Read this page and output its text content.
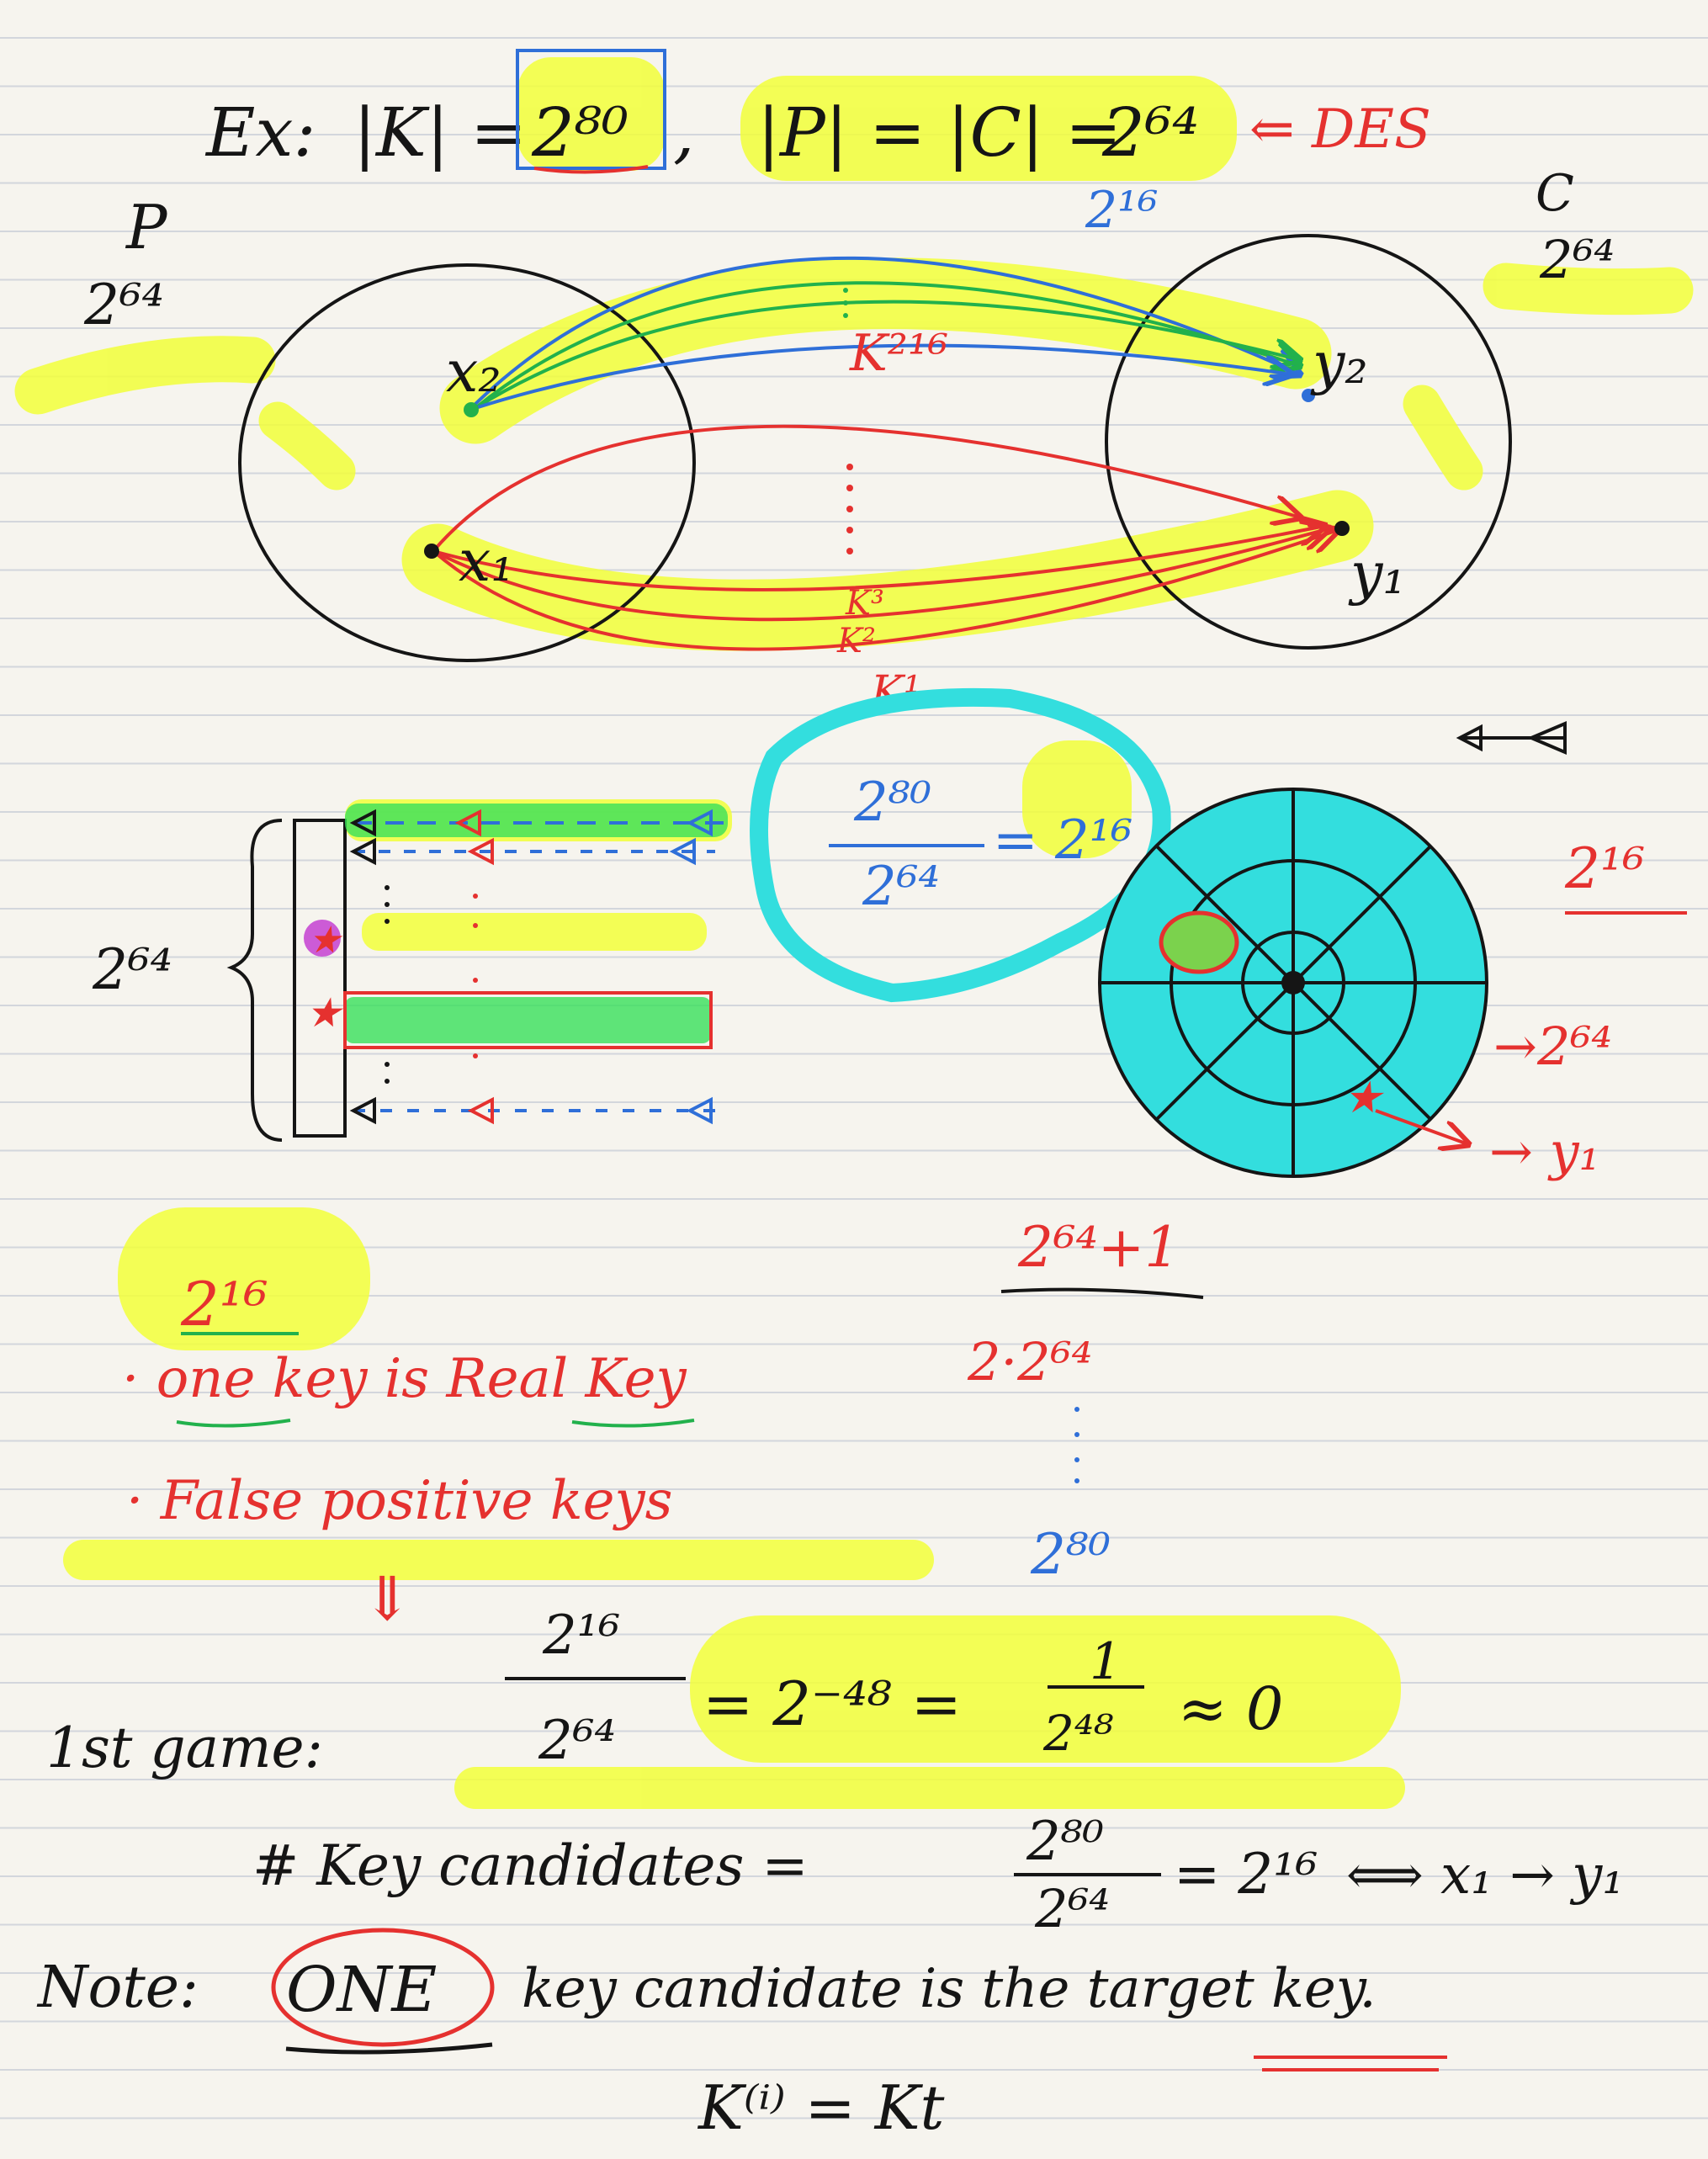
Ex: |K| = 2⁸⁰ , |P| = |C| =
2⁶⁴ ⇐ DES
P
2⁶⁴
C
2⁶⁴
x₂	y₂
x₁	y₁
2¹⁶
K²¹⁶
K³
K²
K¹
2⁸⁰
2⁶⁴
= 2¹⁶
2⁶⁴	★
★
★
→ y₁
→2⁶⁴
2¹⁶
2¹⁶
· one key is Real Key
· False positive keys
⇓
2⁶⁴+1
2·2⁶⁴
2⁸⁰
1st game:
2¹⁶
2⁶⁴
= 2⁻⁴⁸ =
1
2⁴⁸ ≈ 0
# Key candidates =	2⁸⁰
2⁶⁴
= 2¹⁶ ⟺ x₁ → y₁
Note: ONE key candidate is the target key.
K⁽ⁱ⁾ = Kt
